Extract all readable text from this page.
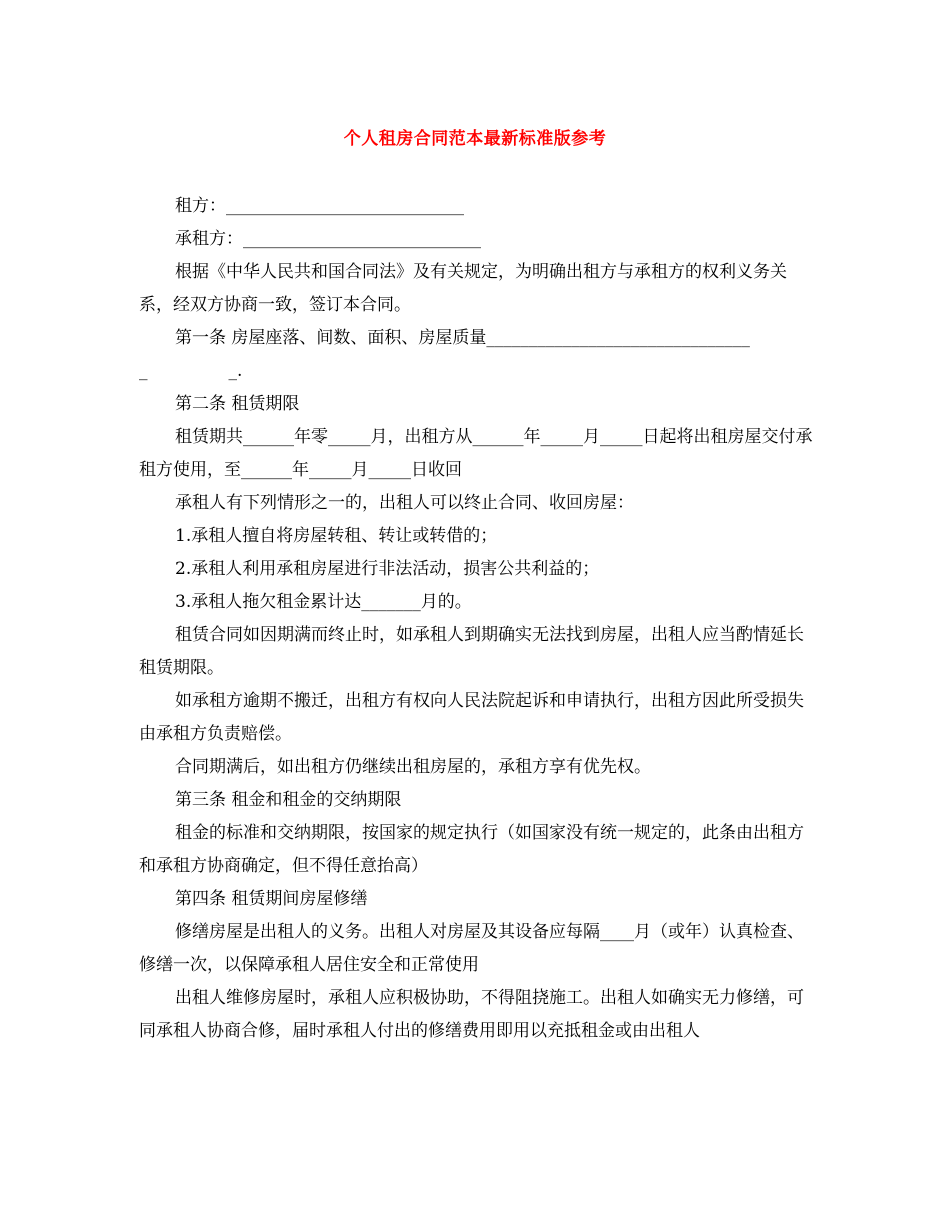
个人租房合同范本最新标准版参考

租方：____________________________

承租方：____________________________

根据《中华人民共和国合同法》及有关规定，为明确出租方与承租方的权利义务关系，经双方协商一致，签订本合同。

第一条 房屋座落、间数、面积、房屋质量________________________________               _.

第二条 租赁期限

租赁期共______年零_____月，出租方从______年_____月_____日起将出租房屋交付承租方使用，至______年_____月_____日收回

承租人有下列情形之一的，出租人可以终止合同、收回房屋：

1.承租人擅自将房屋转租、转让或转借的；

2.承租人利用承租房屋进行非法活动，损害公共利益的；

3.承租人拖欠租金累计达_______月的。

租赁合同如因期满而终止时，如承租人到期确实无法找到房屋，出租人应当酌情延长租赁期限。

如承租方逾期不搬迁，出租方有权向人民法院起诉和申请执行，出租方因此所受损失由承租方负责赔偿。

合同期满后，如出租方仍继续出租房屋的，承租方享有优先权。

第三条 租金和租金的交纳期限

租金的标准和交纳期限，按国家的规定执行（如国家没有统一规定的，此条由出租方和承租方协商确定，但不得任意抬高）

第四条 租赁期间房屋修缮

修缮房屋是出租人的义务。出租人对房屋及其设备应每隔____月（或年）认真检查、修缮一次，以保障承租人居住安全和正常使用

出租人维修房屋时，承租人应积极协助，不得阻挠施工。出租人如确实无力修缮，可同承租人协商合修，届时承租人付出的修缮费用即用以充抵租金或由出租人
